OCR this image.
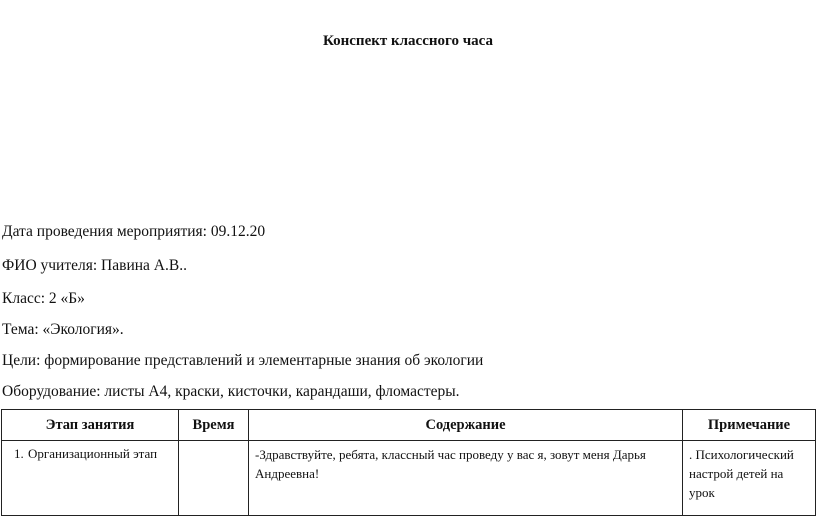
Конспект классного часа
Дата проведения мероприятия: 09.12.20
ФИО учителя: Павина А.В..
Класс: 2 «Б»
Тема: «Экология».
Цели: формирование представлений и элементарные знания об экологии
Оборудование: листы А4, краски, кисточки, карандаши, фломастеры.
Этап занятия	Время	Содержание	Примечание

1. Организационный этап		-Здравствуйте, ребята, классный час проведу у вас я, зовут меня Дарья Андреевна!	. Психологический настрой детей на урок
